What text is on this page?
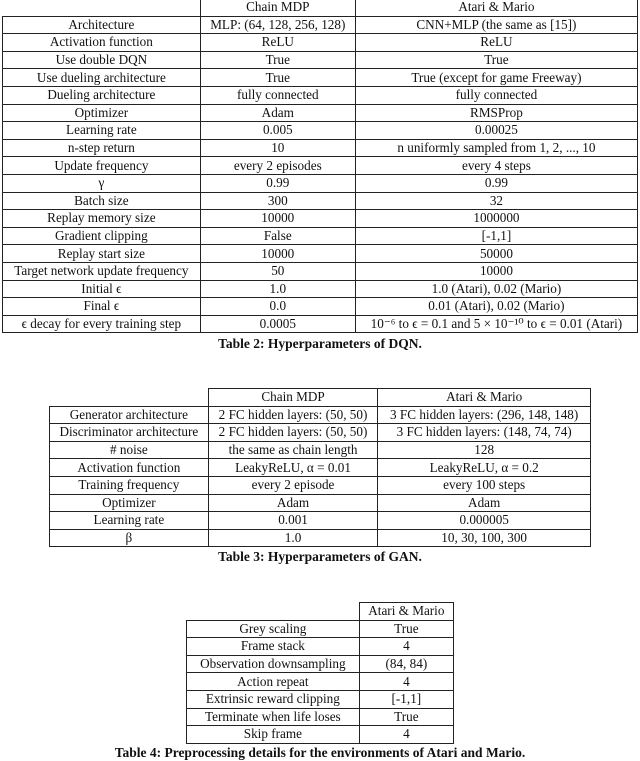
	Chain MDP	Atari & Mario
Architecture	MLP: (64, 128, 256, 128)	CNN+MLP (the same as [15])
Activation function	ReLU	ReLU
Use double DQN	True	True
Use dueling architecture	True	True (except for game Freeway)
Dueling architecture	fully connected	fully connected
Optimizer	Adam	RMSProp
Learning rate	0.005	0.00025
n-step return	10	n uniformly sampled from 1, 2, ..., 10
Update frequency	every 2 episodes	every 4 steps
γ	0.99	0.99
Batch size	300	32
Replay memory size	10000	1000000
Gradient clipping	False	[-1,1]
Replay start size	10000	50000
Target network update frequency	50	10000
Initial ϵ	1.0	1.0 (Atari), 0.02 (Mario)
Final ϵ	0.0	0.01 (Atari), 0.02 (Mario)
ϵ decay for every training step	0.0005	10⁻⁶ to ϵ = 0.1 and 5 × 10⁻¹⁰ to ϵ = 0.01 (Atari)
Table 2: Hyperparameters of DQN.
	Chain MDP	Atari & Mario
Generator architecture	2 FC hidden layers: (50, 50)	3 FC hidden layers: (296, 148, 148)
Discriminator architecture	2 FC hidden layers: (50, 50)	3 FC hidden layers: (148, 74, 74)
# noise	the same as chain length	128
Activation function	LeakyReLU, α = 0.01	LeakyReLU, α = 0.2
Training frequency	every 2 episode	every 100 steps
Optimizer	Adam	Adam
Learning rate	0.001	0.000005
β	1.0	10, 30, 100, 300
Table 3: Hyperparameters of GAN.
	Atari & Mario
Grey scaling	True
Frame stack	4
Observation downsampling	(84, 84)
Action repeat	4
Extrinsic reward clipping	[-1,1]
Terminate when life loses	True
Skip frame	4
Table 4: Preprocessing details for the environments of Atari and Mario.
